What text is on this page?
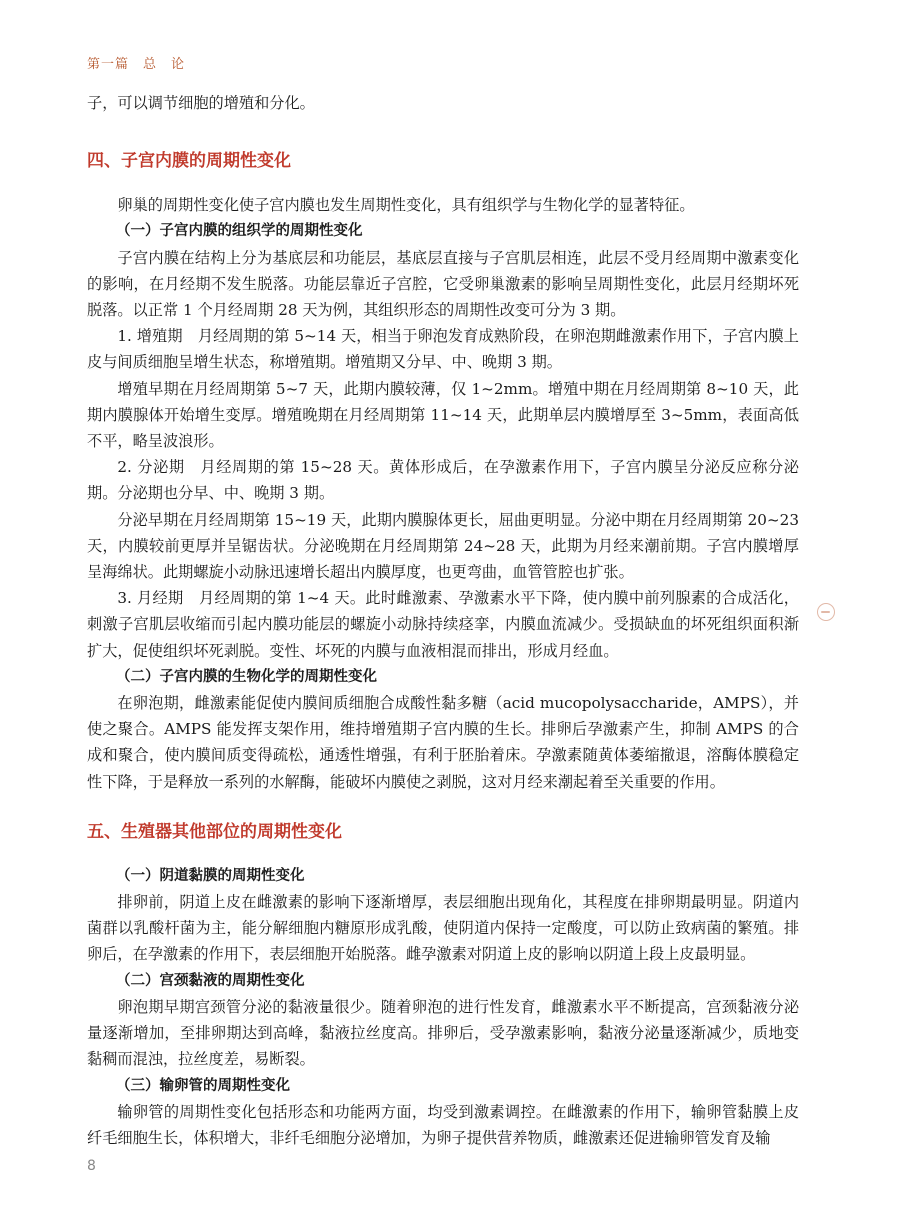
第一篇 总　论

子，可以调节细胞的增殖和分化。

四、子宫内膜的周期性变化

卵巢的周期性变化使子宫内膜也发生周期性变化，具有组织学与生物化学的显著特征。

（一）子宫内膜的组织学的周期性变化

子宫内膜在结构上分为基底层和功能层，基底层直接与子宫肌层相连，此层不受月经周期中激素变化的影响，在月经期不发生脱落。功能层靠近子宫腔，它受卵巢激素的影响呈周期性变化，此层月经期坏死脱落。以正常 1 个月经周期 28 天为例，其组织形态的周期性改变可分为 3 期。

1. 增殖期　月经周期的第 5~14 天，相当于卵泡发育成熟阶段，在卵泡期雌激素作用下，子宫内膜上皮与间质细胞呈增生状态，称增殖期。增殖期又分早、中、晚期 3 期。

增殖早期在月经周期第 5~7 天，此期内膜较薄，仅 1~2mm。增殖中期在月经周期第 8~10 天，此期内膜腺体开始增生变厚。增殖晚期在月经周期第 11~14 天，此期单层内膜增厚至 3~5mm，表面高低不平，略呈波浪形。

2. 分泌期　月经周期的第 15~28 天。黄体形成后，在孕激素作用下，子宫内膜呈分泌反应称分泌期。分泌期也分早、中、晚期 3 期。

分泌早期在月经周期第 15~19 天，此期内膜腺体更长，屈曲更明显。分泌中期在月经周期第 20~23 天，内膜较前更厚并呈锯齿状。分泌晚期在月经周期第 24~28 天，此期为月经来潮前期。子宫内膜增厚呈海绵状。此期螺旋小动脉迅速增长超出内膜厚度，也更弯曲，血管管腔也扩张。

3. 月经期　月经周期的第 1~4 天。此时雌激素、孕激素水平下降，使内膜中前列腺素的合成活化，刺激子宫肌层收缩而引起内膜功能层的螺旋小动脉持续痉挛，内膜血流减少。受损缺血的坏死组织面积渐扩大，促使组织坏死剥脱。变性、坏死的内膜与血液相混而排出，形成月经血。

（二）子宫内膜的生物化学的周期性变化

在卵泡期，雌激素能促使内膜间质细胞合成酸性黏多糖（acid mucopolysaccharide，AMPS），并使之聚合。AMPS 能发挥支架作用，维持增殖期子宫内膜的生长。排卵后孕激素产生，抑制 AMPS 的合成和聚合，使内膜间质变得疏松，通透性增强，有利于胚胎着床。孕激素随黄体萎缩撤退，溶酶体膜稳定性下降，于是释放一系列的水解酶，能破坏内膜使之剥脱，这对月经来潮起着至关重要的作用。

五、生殖器其他部位的周期性变化
（一）阴道黏膜的周期性变化

排卵前，阴道上皮在雌激素的影响下逐渐增厚，表层细胞出现角化，其程度在排卵期最明显。阴道内菌群以乳酸杆菌为主，能分解细胞内糖原形成乳酸，使阴道内保持一定酸度，可以防止致病菌的繁殖。排卵后，在孕激素的作用下，表层细胞开始脱落。雌孕激素对阴道上皮的影响以阴道上段上皮最明显。

（二）宫颈黏液的周期性变化

卵泡期早期宫颈管分泌的黏液量很少。随着卵泡的进行性发育，雌激素水平不断提高，宫颈黏液分泌量逐渐增加，至排卵期达到高峰，黏液拉丝度高。排卵后，受孕激素影响，黏液分泌量逐渐减少，质地变黏稠而混浊，拉丝度差，易断裂。

（三）输卵管的周期性变化

输卵管的周期性变化包括形态和功能两方面，均受到激素调控。在雌激素的作用下，输卵管黏膜上皮纤毛细胞生长，体积增大，非纤毛细胞分泌增加，为卵子提供营养物质，雌激素还促进输卵管发育及输

8
